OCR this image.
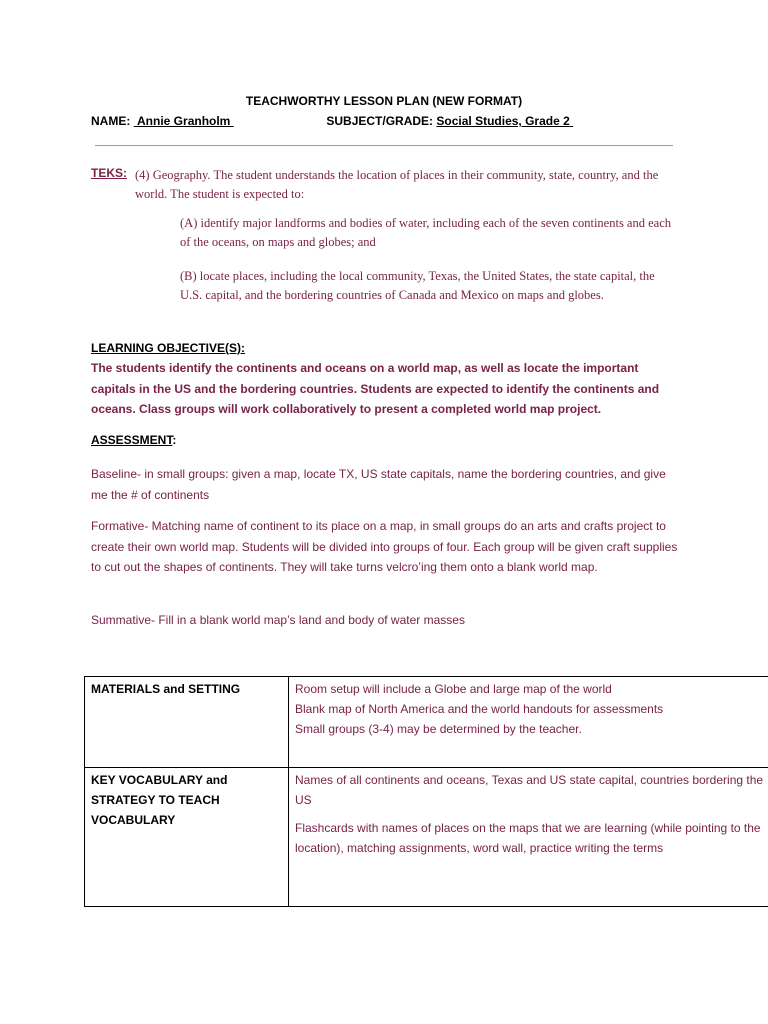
TEACHWORTHY LESSON PLAN (NEW FORMAT)
NAME: Annie Granholm	SUBJECT/GRADE: Social Studies, Grade 2
TEKS: (4) Geography. The student understands the location of places in their community, state, country, and the world. The student is expected to:
(A) identify major landforms and bodies of water, including each of the seven continents and each of the oceans, on maps and globes; and
(B) locate places, including the local community, Texas, the United States, the state capital, the U.S. capital, and the bordering countries of Canada and Mexico on maps and globes.
LEARNING OBJECTIVE(S):
The students identify the continents and oceans on a world map, as well as locate the important capitals in the US and the bordering countries. Students are expected to identify the continents and oceans. Class groups will work collaboratively to present a completed world map project.
ASSESSMENT:
Baseline- in small groups: given a map, locate TX, US state capitals, name the bordering countries, and give me the # of continents
Formative- Matching name of continent to its place on a map, in small groups do an arts and crafts project to create their own world map. Students will be divided into groups of four. Each group will be given craft supplies to cut out the shapes of continents. They will take turns velcro’ing them onto a blank world map.
Summative- Fill in a blank world map’s land and body of water masses
MATERIALS and SETTING	Room setup will include a Globe and large map of the world
Blank map of North America and the world handouts for assessments
Small groups (3-4) may be determined by the teacher.

KEY VOCABULARY and STRATEGY TO TEACH VOCABULARY	Names of all continents and oceans, Texas and US state capital, countries bordering the US
Flashcards with names of places on the maps that we are learning (while pointing to the location), matching assignments, word wall, practice writing the terms
